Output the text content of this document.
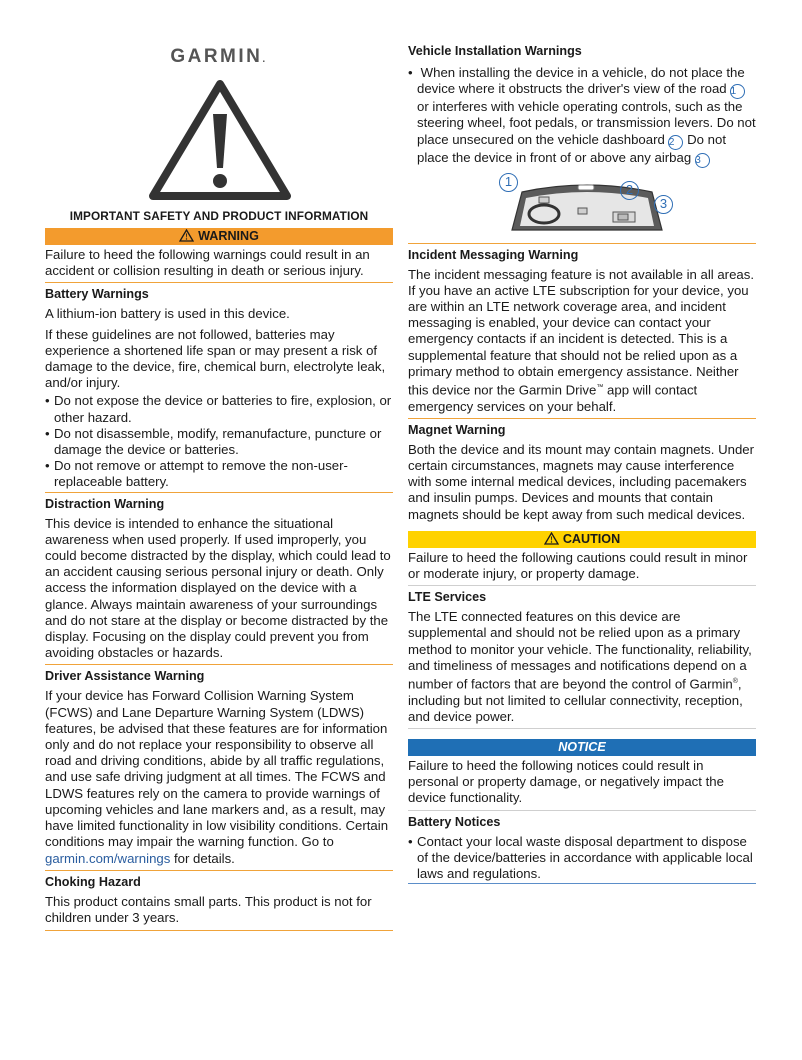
GARMIN.
IMPORTANT SAFETY AND PRODUCT INFORMATION
WARNING
Failure to heed the following warnings could result in an accident or collision resulting in death or serious injury.
Battery Warnings
A lithium-ion battery is used in this device.
If these guidelines are not followed, batteries may experience a shortened life span or may present a risk of damage to the device, fire, chemical burn, electrolyte leak, and/or injury.
• Do not expose the device or batteries to fire, explosion, or other hazard.
• Do not disassemble, modify, remanufacture, puncture or damage the device or batteries.
• Do not remove or attempt to remove the non-user-replaceable battery.
Distraction Warning
This device is intended to enhance the situational awareness when used properly. If used improperly, you could become distracted by the display, which could lead to an accident causing serious personal injury or death. Only access the information displayed on the device with a glance. Always maintain awareness of your surroundings and do not stare at the display or become distracted by the display. Focusing on the display could prevent you from avoiding obstacles or hazards.
Driver Assistance Warning
If your device has Forward Collision Warning System (FCWS) and Lane Departure Warning System (LDWS) features, be advised that these features are for information only and do not replace your responsibility to observe all road and driving conditions, abide by all traffic regulations, and use safe driving judgment at all times. The FCWS and LDWS features rely on the camera to provide warnings of upcoming vehicles and lane markers and, as a result, may have limited functionality in low visibility conditions. Certain conditions may impair the warning function. Go to garmin.com/warnings for details.
Choking Hazard
This product contains small parts. This product is not for children under 3 years.
Vehicle Installation Warnings
• When installing the device in a vehicle, do not place the device where it obstructs the driver's view of the road 1 or interferes with vehicle operating controls, such as the steering wheel, foot pedals, or transmission levers. Do not place unsecured on the vehicle dashboard 2 Do not place the device in front of or above any airbag 3
1
2
3
Incident Messaging Warning
The incident messaging feature is not available in all areas. If you have an active LTE subscription for your device, you are within an LTE network coverage area, and incident messaging is enabled, your device can contact your emergency contacts if an incident is detected. This is a supplemental feature that should not be relied upon as a primary method to obtain emergency assistance. Neither this device nor the Garmin Drive™ app will contact emergency services on your behalf.
Magnet Warning
Both the device and its mount may contain magnets. Under certain circumstances, magnets may cause interference with some internal medical devices, including pacemakers and insulin pumps. Devices and mounts that contain magnets should be kept away from such medical devices.
CAUTION
Failure to heed the following cautions could result in minor or moderate injury, or property damage.
LTE Services
The LTE connected features on this device are supplemental and should not be relied upon as a primary method to monitor your vehicle. The functionality, reliability, and timeliness of messages and notifications depend on a number of factors that are beyond the control of Garmin®, including but not limited to cellular connectivity, reception, and device power.
NOTICE
Failure to heed the following notices could result in personal or property damage, or negatively impact the device functionality.
Battery Notices
• Contact your local waste disposal department to dispose of the device/batteries in accordance with applicable local laws and regulations.
